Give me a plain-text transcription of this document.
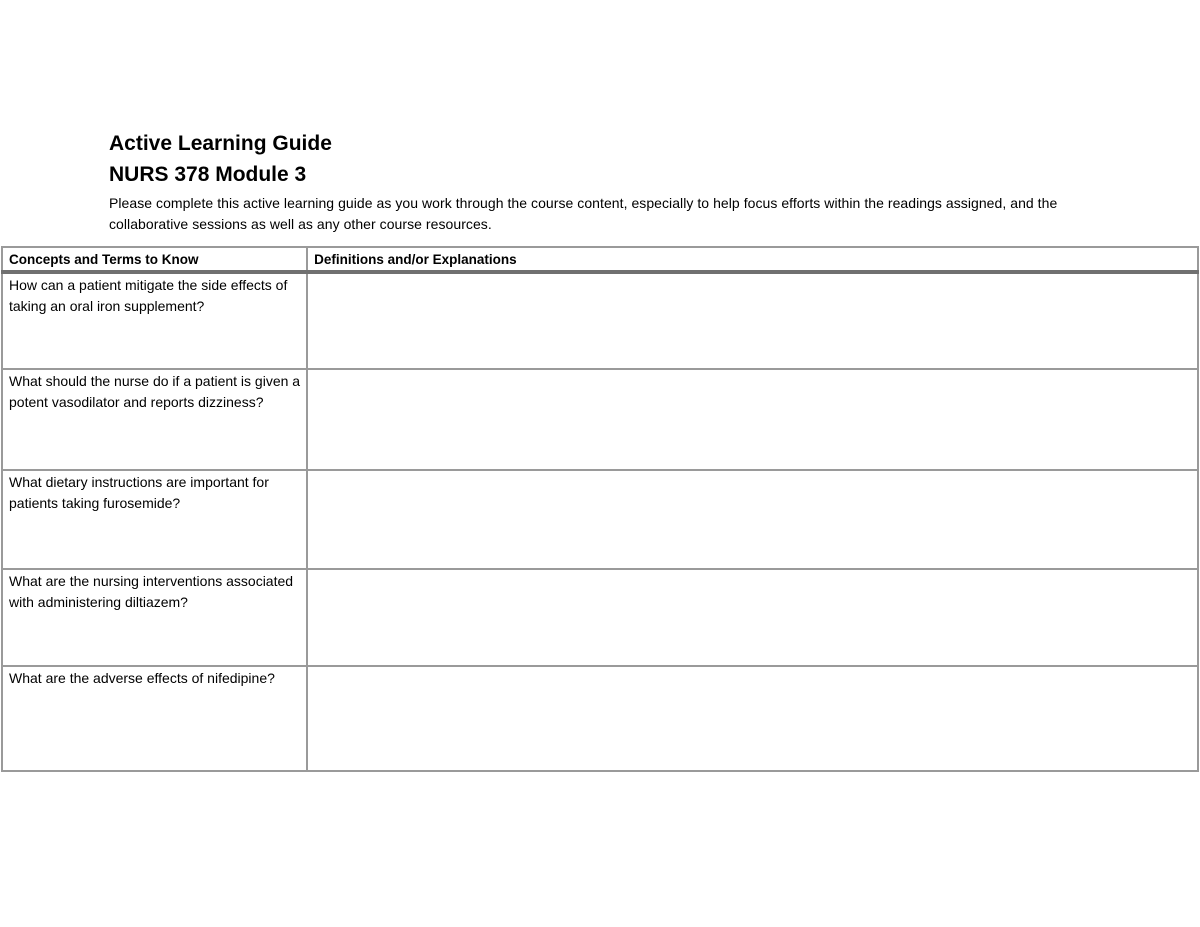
Active Learning Guide

NURS 378 Module 3

Please complete this active learning guide as you work through the course content, especially to help focus efforts within the readings assigned, and the collaborative sessions as well as any other course resources.

Concepts and Terms to Know	Definitions and/or Explanations
How can a patient mitigate the side effects of taking an oral iron supplement?	
What should the nurse do if a patient is given a potent vasodilator and reports dizziness?	
What dietary instructions are important for patients taking furosemide?	
What are the nursing interventions associated with administering diltiazem?	
What are the adverse effects of nifedipine?	
